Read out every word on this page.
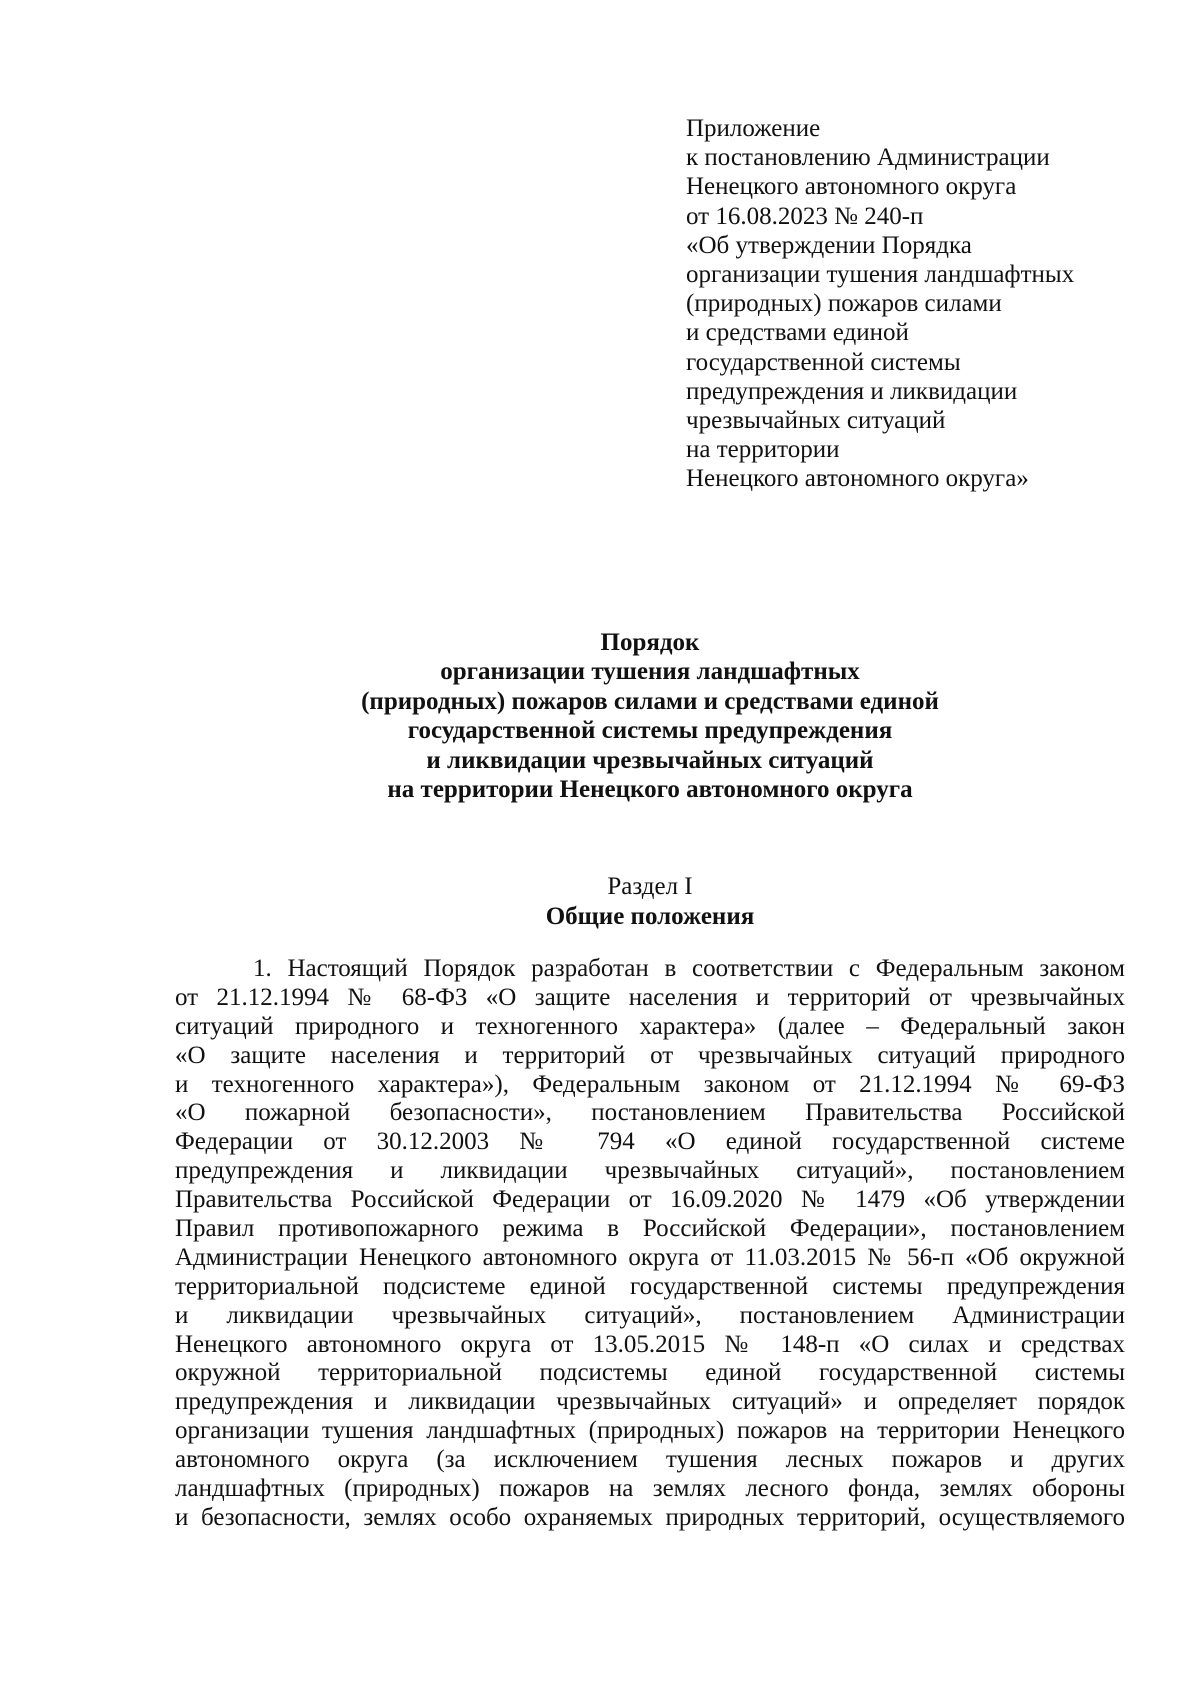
Приложение
к постановлению Администрации
Ненецкого автономного округа
от 16.08.2023 № 240-п
«Об утверждении Порядка
организации тушения ландшафтных
(природных) пожаров силами
и средствами единой
государственной системы
предупреждения и ликвидации
чрезвычайных ситуаций
на территории
Ненецкого автономного округа»
Порядок
организации тушения ландшафтных
(природных) пожаров силами и средствами единой
государственной системы предупреждения
и ликвидации чрезвычайных ситуаций
на территории Ненецкого автономного округа
Раздел I
Общие положения
1. Настоящий Порядок разработан в соответствии с Федеральным законом
от 21.12.1994 № 68-ФЗ «О защите населения и территорий от чрезвычайных
ситуаций природного и техногенного характера» (далее – Федеральный закон
«О защите населения и территорий от чрезвычайных ситуаций природного
и техногенного характера»), Федеральным законом от 21.12.1994 № 69-ФЗ
«О пожарной безопасности», постановлением Правительства Российской
Федерации от 30.12.2003 № 794 «О единой государственной системе
предупреждения и ликвидации чрезвычайных ситуаций», постановлением
Правительства Российской Федерации от 16.09.2020 № 1479 «Об утверждении
Правил противопожарного режима в Российской Федерации», постановлением
Администрации Ненецкого автономного округа от 11.03.2015 № 56-п «Об окружной
территориальной подсистеме единой государственной системы предупреждения
и ликвидации чрезвычайных ситуаций», постановлением Администрации
Ненецкого автономного округа от 13.05.2015 № 148-п «О силах и средствах
окружной территориальной подсистемы единой государственной системы
предупреждения и ликвидации чрезвычайных ситуаций» и определяет порядок
организации тушения ландшафтных (природных) пожаров на территории Ненецкого
автономного округа (за исключением тушения лесных пожаров и других
ландшафтных (природных) пожаров на землях лесного фонда, землях обороны
и безопасности, землях особо охраняемых природных территорий, осуществляемого
